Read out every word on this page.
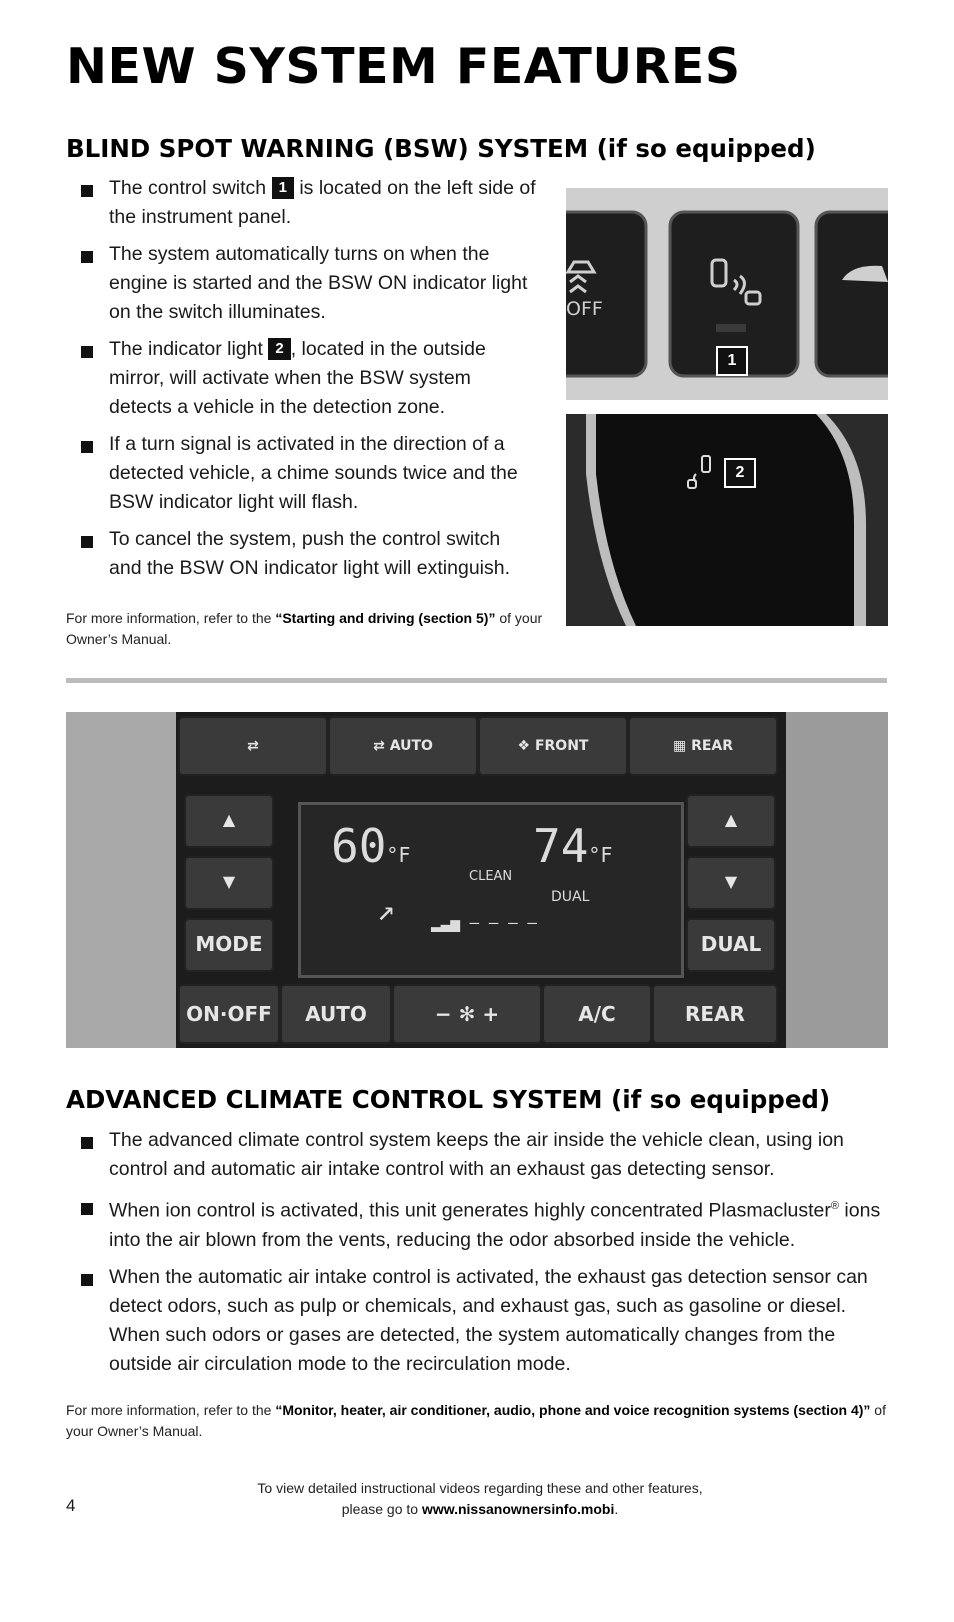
NEW SYSTEM FEATURES
BLIND SPOT WARNING (BSW) SYSTEM (if so equipped)
The control switch 1 is located on the left side of the instrument panel.
The system automatically turns on when the engine is started and the BSW ON indicator light on the switch illuminates.
The indicator light 2 , located in the outside mirror, will activate when the BSW system detects a vehicle in the detection zone.
If a turn signal is activated in the direction of a detected vehicle, a chime sounds twice and the BSW indicator light will flash.
To cancel the system, push the control switch and the BSW ON indicator light will extinguish.
For more information, refer to the “Starting and driving (section 5)” of your Owner’s Manual.
OFF
1
2
⇄	⇄ AUTO	❖ FRONT	▦ REAR
▲
▼
MODE
60°F	74°F
CLEAN
DUAL
↗ ▂▃▅ ‒ ‒ ‒ ‒
▲
▼
DUAL
ON·OFF	AUTO	− ✻ +	A/C	REAR
ADVANCED CLIMATE CONTROL SYSTEM (if so equipped)
The advanced climate control system keeps the air inside the vehicle clean, using ion control and automatic air intake control with an exhaust gas detecting sensor.
When ion control is activated, this unit generates highly concentrated Plasmacluster® ions into the air blown from the vents, reducing the odor absorbed inside the vehicle.
When the automatic air intake control is activated, the exhaust gas detection sensor can detect odors, such as pulp or chemicals, and exhaust gas, such as gasoline or diesel. When such odors or gases are detected, the system automatically changes from the outside air circulation mode to the recirculation mode.
For more information, refer to the “Monitor, heater, air conditioner, audio, phone and voice recognition systems (section 4)” of your Owner’s Manual.
4
To view detailed instructional videos regarding these and other features,
please go to www.nissanownersinfo.mobi.
